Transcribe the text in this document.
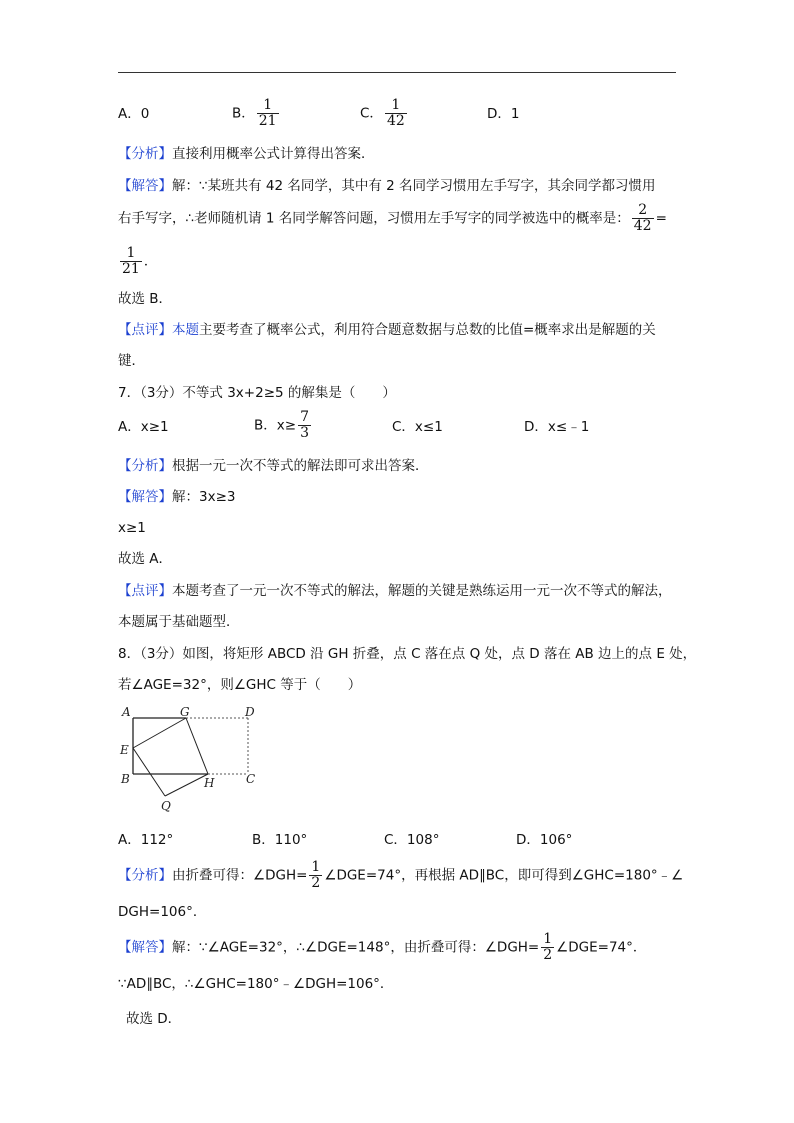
A．0	B． $\frac{1}{21}$	C． $\frac{1}{42}$	D．1
【分析】直接利用概率公式计算得出答案．
【解答】解：∵某班共有 42 名同学，其中有 2 名同学习惯用左手写字，其余同学都习惯用
右手写字，∴老师随机请 1 名同学解答问题，习惯用左手写字的同学被选中的概率是： $\frac{2}{42}$ =
$\frac{1}{21}$ ．
故选 B．
【点评】本题主要考查了概率公式，利用符合题意数据与总数的比值=概率求出是解题的关
键．
7．（3分）不等式 3x+2≥5 的解集是（　　）
A．x≥1	B．$x\ge \frac{7}{3}$	C．x≤1	D．x≤﹣1
【分析】根据一元一次不等式的解法即可求出答案．
【解答】解：3x≥3
x≥1
故选 A．
【点评】本题考查了一元一次不等式的解法，解题的关键是熟练运用一元一次不等式的解法，
本题属于基础题型．
8．（3分）如图，将矩形 ABCD 沿 GH 折叠，点 C 落在点 Q 处，点 D 落在 AB 边上的点 E 处，
若∠AGE=32°，则∠GHC 等于（　　）
A	G	D
E
B	H	C
Q
A．112°	B．110°	C．108°	D．106°
【分析】由折叠可得：∠DGH= $\frac{1}{2}$ ∠DGE=74°，再根据 AD∥BC，即可得到∠GHC=180°﹣∠
DGH=106°．
【解答】解：∵∠AGE=32°，∴∠DGE=148°，由折叠可得：∠DGH= $\frac{1}{2}$ ∠DGE=74°．
∵AD∥BC，∴∠GHC=180°﹣∠DGH=106°．
故选 D．
